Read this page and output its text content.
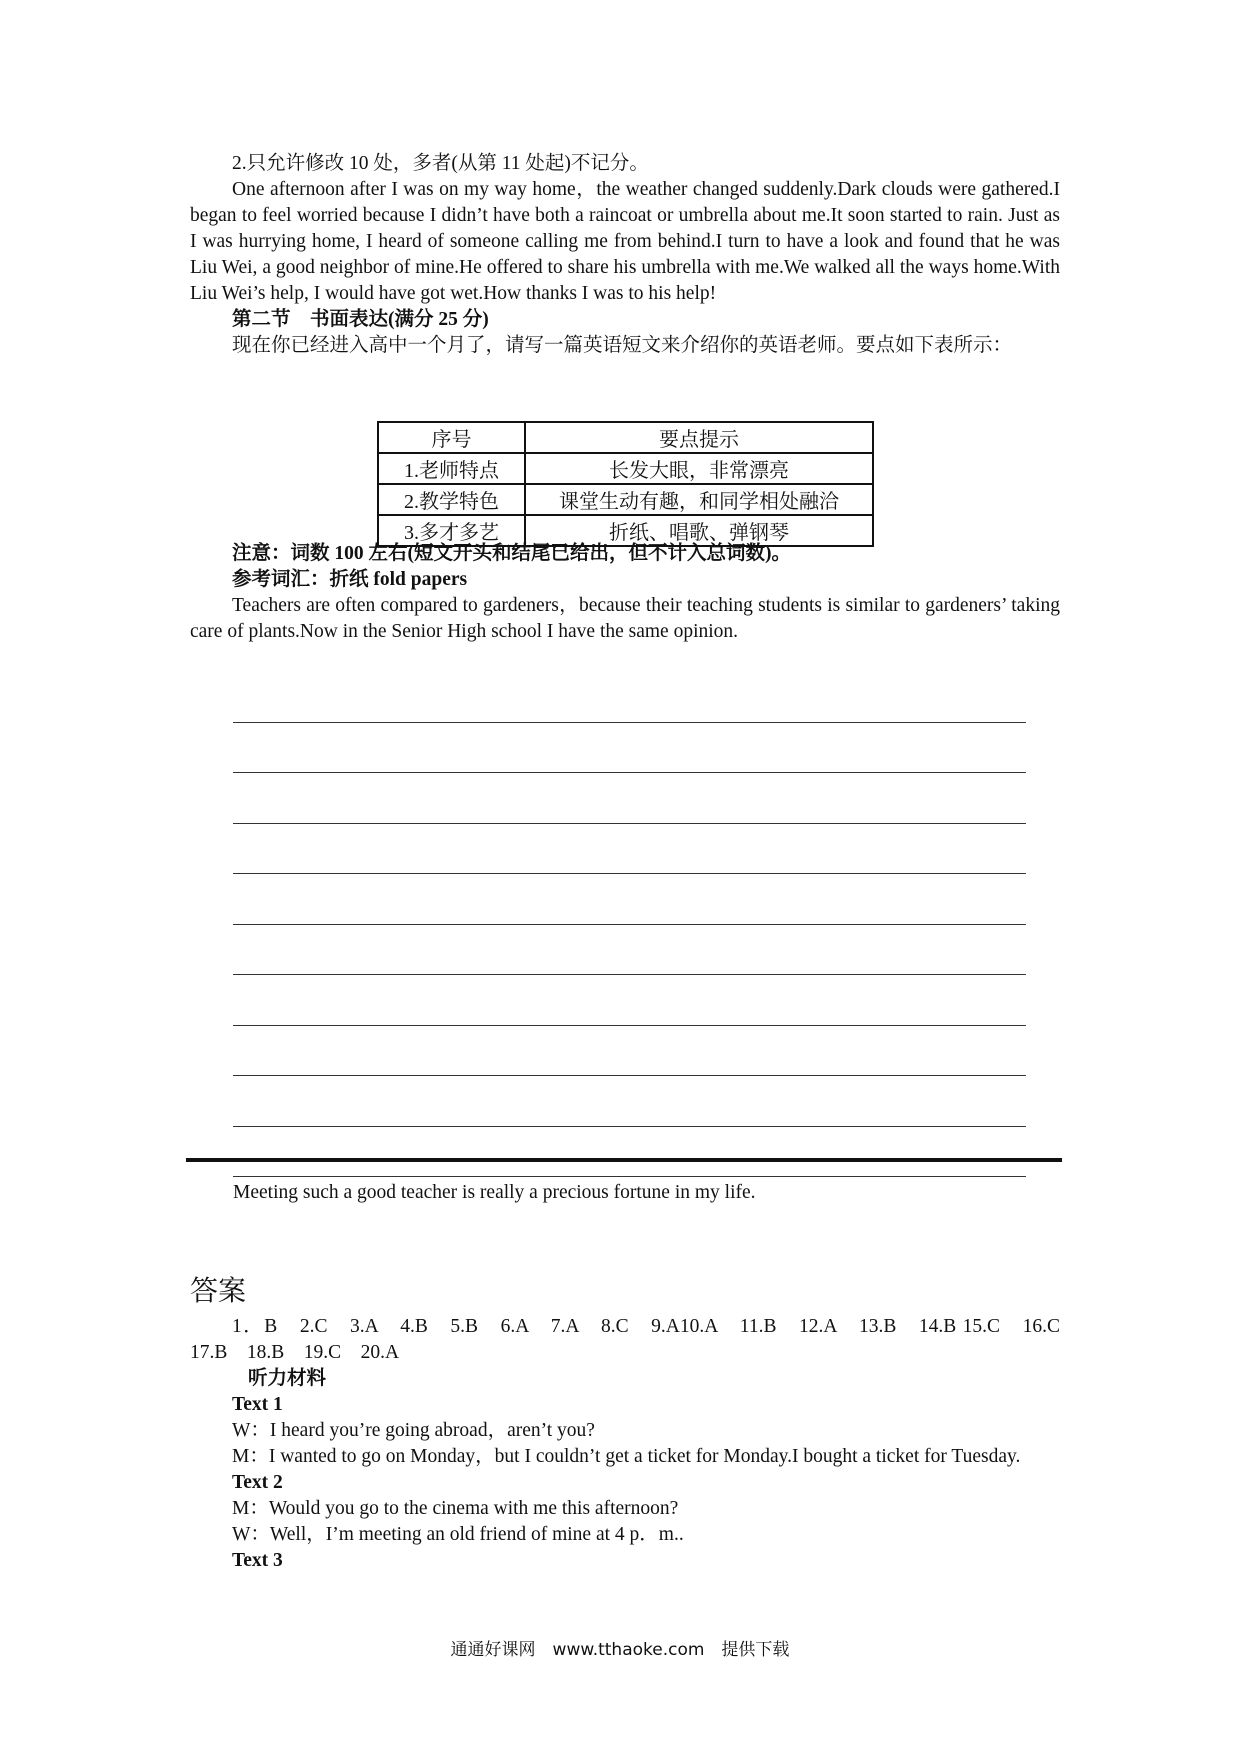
2.只允许修改 10 处，多者(从第 11 处起)不记分。

One afternoon after I was on my way home，the weather changed suddenly.Dark clouds were gathered.I began to feel worried because I didn’t have both a raincoat or umbrella about me.It soon started to rain. Just as I was hurrying home, I heard of someone calling me from behind.I turn to have a look and found that he was Liu Wei, a good neighbor of mine.He offered to share his umbrella with me.We walked all the ways home.With Liu Wei’s help, I would have got wet.How thanks I was to his help!

第二节　书面表达(满分 25 分)

现在你已经进入高中一个月了，请写一篇英语短文来介绍你的英语老师。要点如下表所示：

序号	要点提示
1.老师特点	长发大眼，非常漂亮
2.教学特色	课堂生动有趣，和同学相处融洽
3.多才多艺	折纸、唱歌、弹钢琴

注意：词数 100 左右(短文开头和结尾已给出，但不计入总词数)。

参考词汇：折纸 fold papers

Teachers are often compared to gardeners，because their teaching students is similar to gardeners’ taking care of plants.Now in the Senior High school I have the same opinion.

Meeting such a good teacher is really a precious fortune in my life.

答案

1．B　2.C　3.A　4.B　5.B　6.A　7.A　8.C　9.A10.A　11.B　12.A　13.B　14.B 15.C　16.C　17.B　18.B　19.C　20.A

听力材料

Text 1

W：I heard you’re going abroad，aren’t you?

M：I wanted to go on Monday，but I couldn’t get a ticket for Monday.I bought a ticket for Tuesday.

Text 2

M：Would you go to the cinema with me this afternoon?

W：Well，I’m meeting an old friend of mine at 4 p．m..

Text 3

通通好课网　www.tthaoke.com　提供下载
